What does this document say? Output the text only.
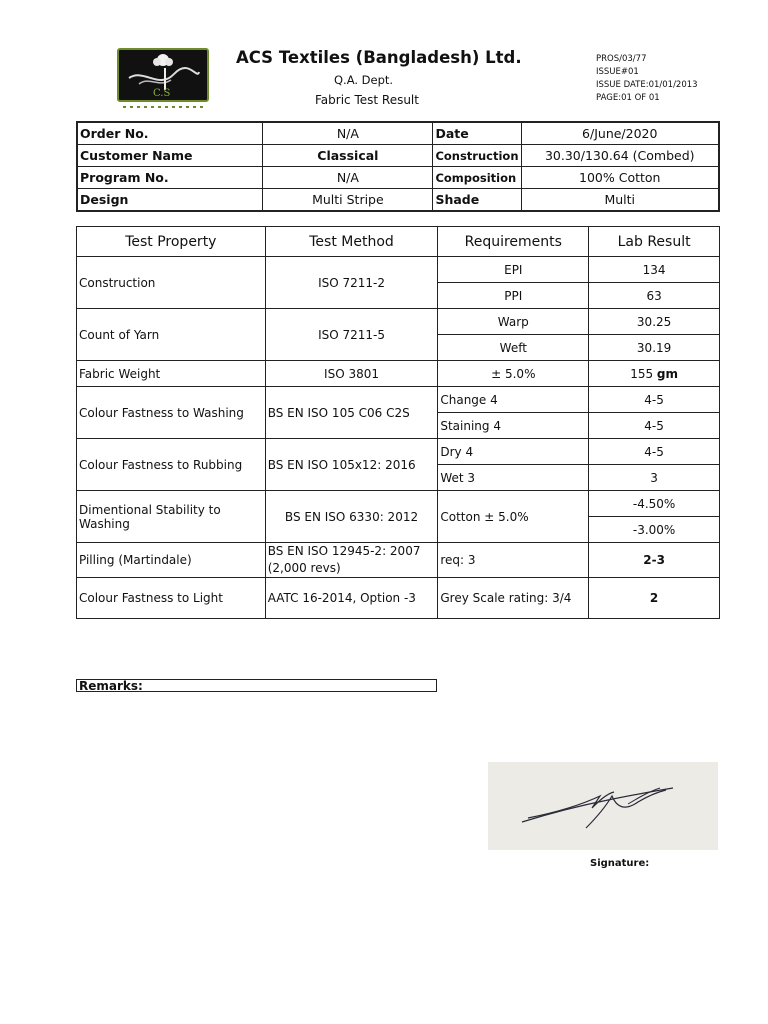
C.S
ACS Textiles (Bangladesh) Ltd.
Q.A. Dept.
Fabric Test Result
PROS/03/77
ISSUE#01
ISSUE DATE:01/01/2013
PAGE:01 OF 01
Order No.	N/A	Date	6/June/2020
Customer Name	Classical	Construction	30.30/130.64 (Combed)
Program No.	N/A	Composition	100% Cotton
Design	Multi Stripe	Shade	Multi
Test Property	Test Method	Requirements	Lab Result
Construction	ISO 7211-2	EPI	134
		PPI	63
Count of Yarn	ISO 7211-5	Warp	30.25
		Weft	30.19
Fabric Weight	ISO 3801	± 5.0%	155 gm
Colour Fastness to Washing	BS EN ISO 105 C06 C2S	Change 4	4-5
		Staining 4	4-5
Colour Fastness to Rubbing	BS EN ISO 105x12: 2016	Dry 4	4-5
		Wet 3	3
Dimentional Stability to Washing	BS EN ISO 6330: 2012	Cotton ± 5.0%	-4.50%
			-3.00%
Pilling (Martindale)	BS EN ISO 12945-2: 2007 (2,000 revs)	req: 3	2-3
Colour Fastness to Light	AATC 16-2014, Option -3	Grey Scale rating: 3/4	2
Remarks:
Signature:
